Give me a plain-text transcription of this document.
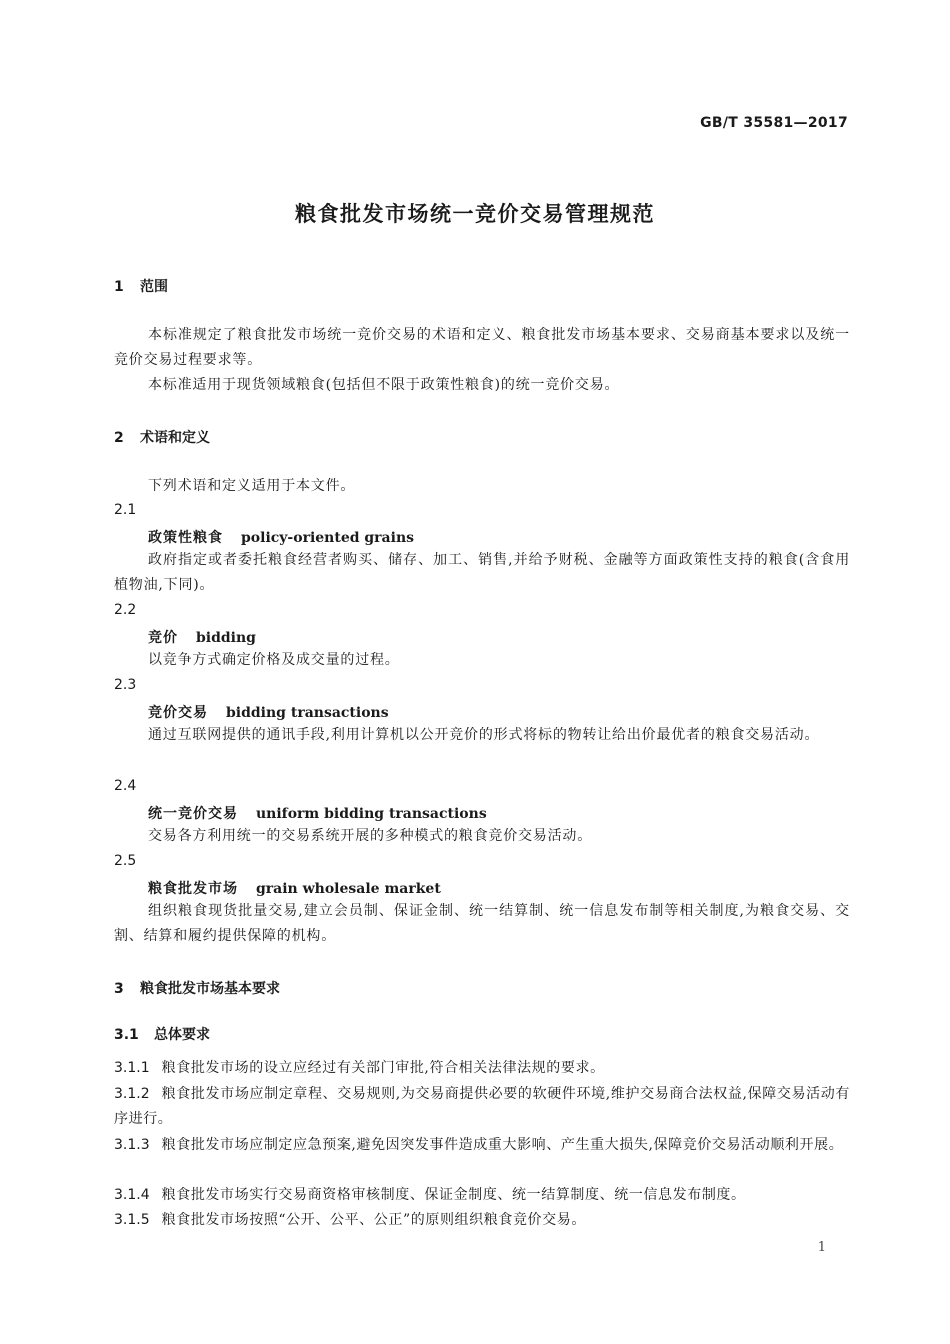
GB/T 35581—2017
粮食批发市场统一竞价交易管理规范
1 范围
本标准规定了粮食批发市场统一竞价交易的术语和定义、粮食批发市场基本要求、交易商基本要求以及统一竞价交易过程要求等。
本标准适用于现货领域粮食(包括但不限于政策性粮食)的统一竞价交易。
2 术语和定义
下列术语和定义适用于本文件。
2.1
政策性粮食 policy-oriented grains
政府指定或者委托粮食经营者购买、储存、加工、销售,并给予财税、金融等方面政策性支持的粮食(含食用植物油,下同)。
2.2
竞价 bidding
以竞争方式确定价格及成交量的过程。
2.3
竞价交易 bidding transactions
通过互联网提供的通讯手段,利用计算机以公开竞价的形式将标的物转让给出价最优者的粮食交易活动。
2.4
统一竞价交易 uniform bidding transactions
交易各方利用统一的交易系统开展的多种模式的粮食竞价交易活动。
2.5
粮食批发市场 grain wholesale market
组织粮食现货批量交易,建立会员制、保证金制、统一结算制、统一信息发布制等相关制度,为粮食交易、交割、结算和履约提供保障的机构。
3 粮食批发市场基本要求
3.1 总体要求
3.1.1 粮食批发市场的设立应经过有关部门审批,符合相关法律法规的要求。
3.1.2 粮食批发市场应制定章程、交易规则,为交易商提供必要的软硬件环境,维护交易商合法权益,保障交易活动有序进行。
3.1.3 粮食批发市场应制定应急预案,避免因突发事件造成重大影响、产生重大损失,保障竞价交易活动顺利开展。
3.1.4 粮食批发市场实行交易商资格审核制度、保证金制度、统一结算制度、统一信息发布制度。
3.1.5 粮食批发市场按照“公开、公平、公正”的原则组织粮食竞价交易。
1
